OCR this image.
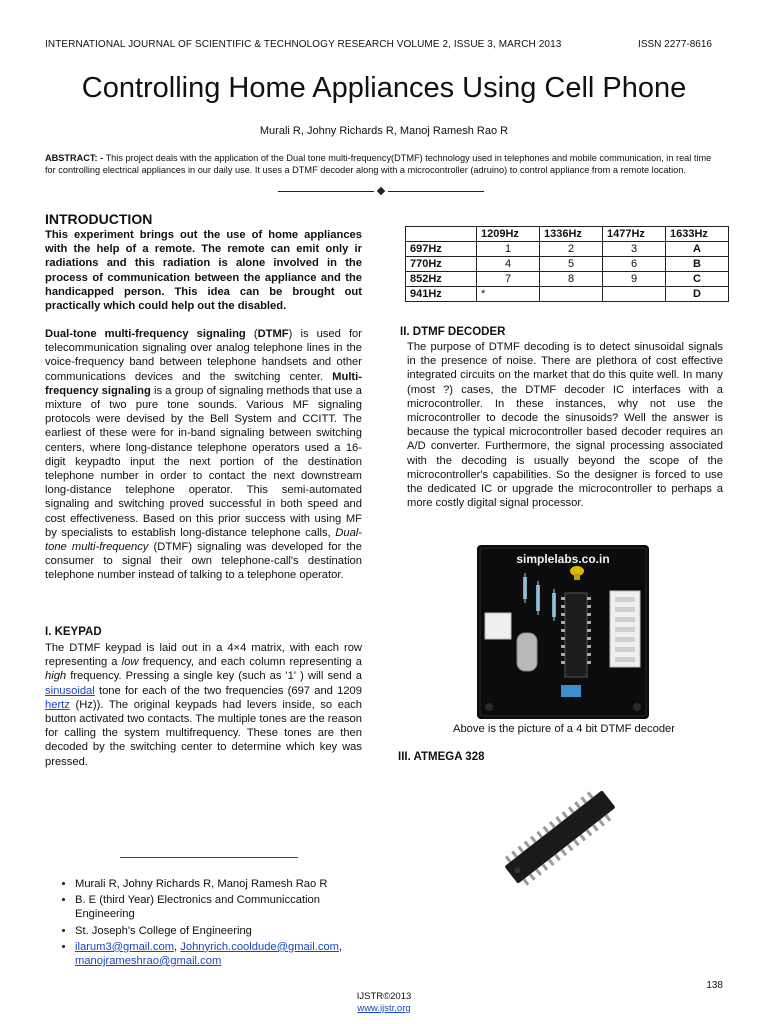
INTERNATIONAL JOURNAL OF SCIENTIFIC & TECHNOLOGY RESEARCH VOLUME 2, ISSUE 3, MARCH 2013	ISSN 2277-8616
Controlling Home Appliances Using Cell Phone
Murali R, Johny Richards R, Manoj Ramesh Rao R
ABSTRACT: - This project deals with the application of the Dual tone multi-frequency(DTMF) technology used in telephones and mobile communication, in real time for controlling electrical appliances in our daily use. It uses a DTMF decoder along with a microcontroller (adruino) to control appliance from a remote location.
INTRODUCTION
This experiment brings out the use of home appliances with the help of a remote. The remote can emit only ir radiations and this radiation is alone involved in the process of communication between the appliance and the handicapped person. This idea can be brought out practically which could help out the disabled.
Dual-tone multi-frequency signaling (DTMF) is used for telecommunication signaling over analog telephone lines in the voice-frequency band between telephone handsets and other communications devices and the switching center. Multi-frequency signaling is a group of signaling methods that use a mixture of two pure tone sounds. Various MF signaling protocols were devised by the Bell System and CCITT. The earliest of these were for in-band signaling between switching centers, where long-distance telephone operators used a 16-digit keypadto input the next portion of the destination telephone number in order to contact the next downstream long-distance telephone operator. This semi-automated signaling and switching proved successful in both speed and cost effectiveness. Based on this prior success with using MF by specialists to establish long-distance telephone calls, Dual-tone multi-frequency (DTMF) signaling was developed for the consumer to signal their own telephone-call's destination telephone number instead of talking to a telephone operator.
I. KEYPAD
The DTMF keypad is laid out in a 4×4 matrix, with each row representing a low frequency, and each column representing a high frequency. Pressing a single key (such as '1' ) will send a sinusoidal tone for each of the two frequencies (697 and 1209 hertz (Hz)). The original keypads had levers inside, so each button activated two contacts. The multiple tones are the reason for calling the system multifrequency. These tones are then decoded by the switching center to determine which key was pressed.
• Murali R, Johny Richards R, Manoj Ramesh Rao R
• B. E (third Year) Electronics and Communiccation Engineering
• St. Joseph's College of Engineering
• ilarum3@gmail.com, Johnyrich.cooldude@gmail.com,
manojrameshrao@gmail.com
	1209Hz	1336Hz	1477Hz	1633Hz
697Hz	1	2	3	A
770Hz	4	5	6	B
852Hz	7	8	9	C
941Hz	*			D
II. DTMF DECODER
The purpose of DTMF decoding is to detect sinusoidal signals in the presence of noise. There are plethora of cost effective integrated circuits on the market that do this quite well. In many (most ?) cases, the DTMF decoder IC interfaces with a microcontroller. In these instances, why not use the microcontroller to decode the sinusoids? Well the answer is because the typical microcontroller based decoder requires an A/D converter. Furthermore, the signal processing associated with the decoding is usually beyond the scope of the microcontroller's capabilities. So the designer is forced to use the dedicated IC or upgrade the microcontroller to perhaps a more costly digital signal processor.
simplelabs.co.in
Above is the picture of a 4 bit DTMF decoder
III. ATMEGA 328
138
IJSTR©2013
www.ijstr.org
